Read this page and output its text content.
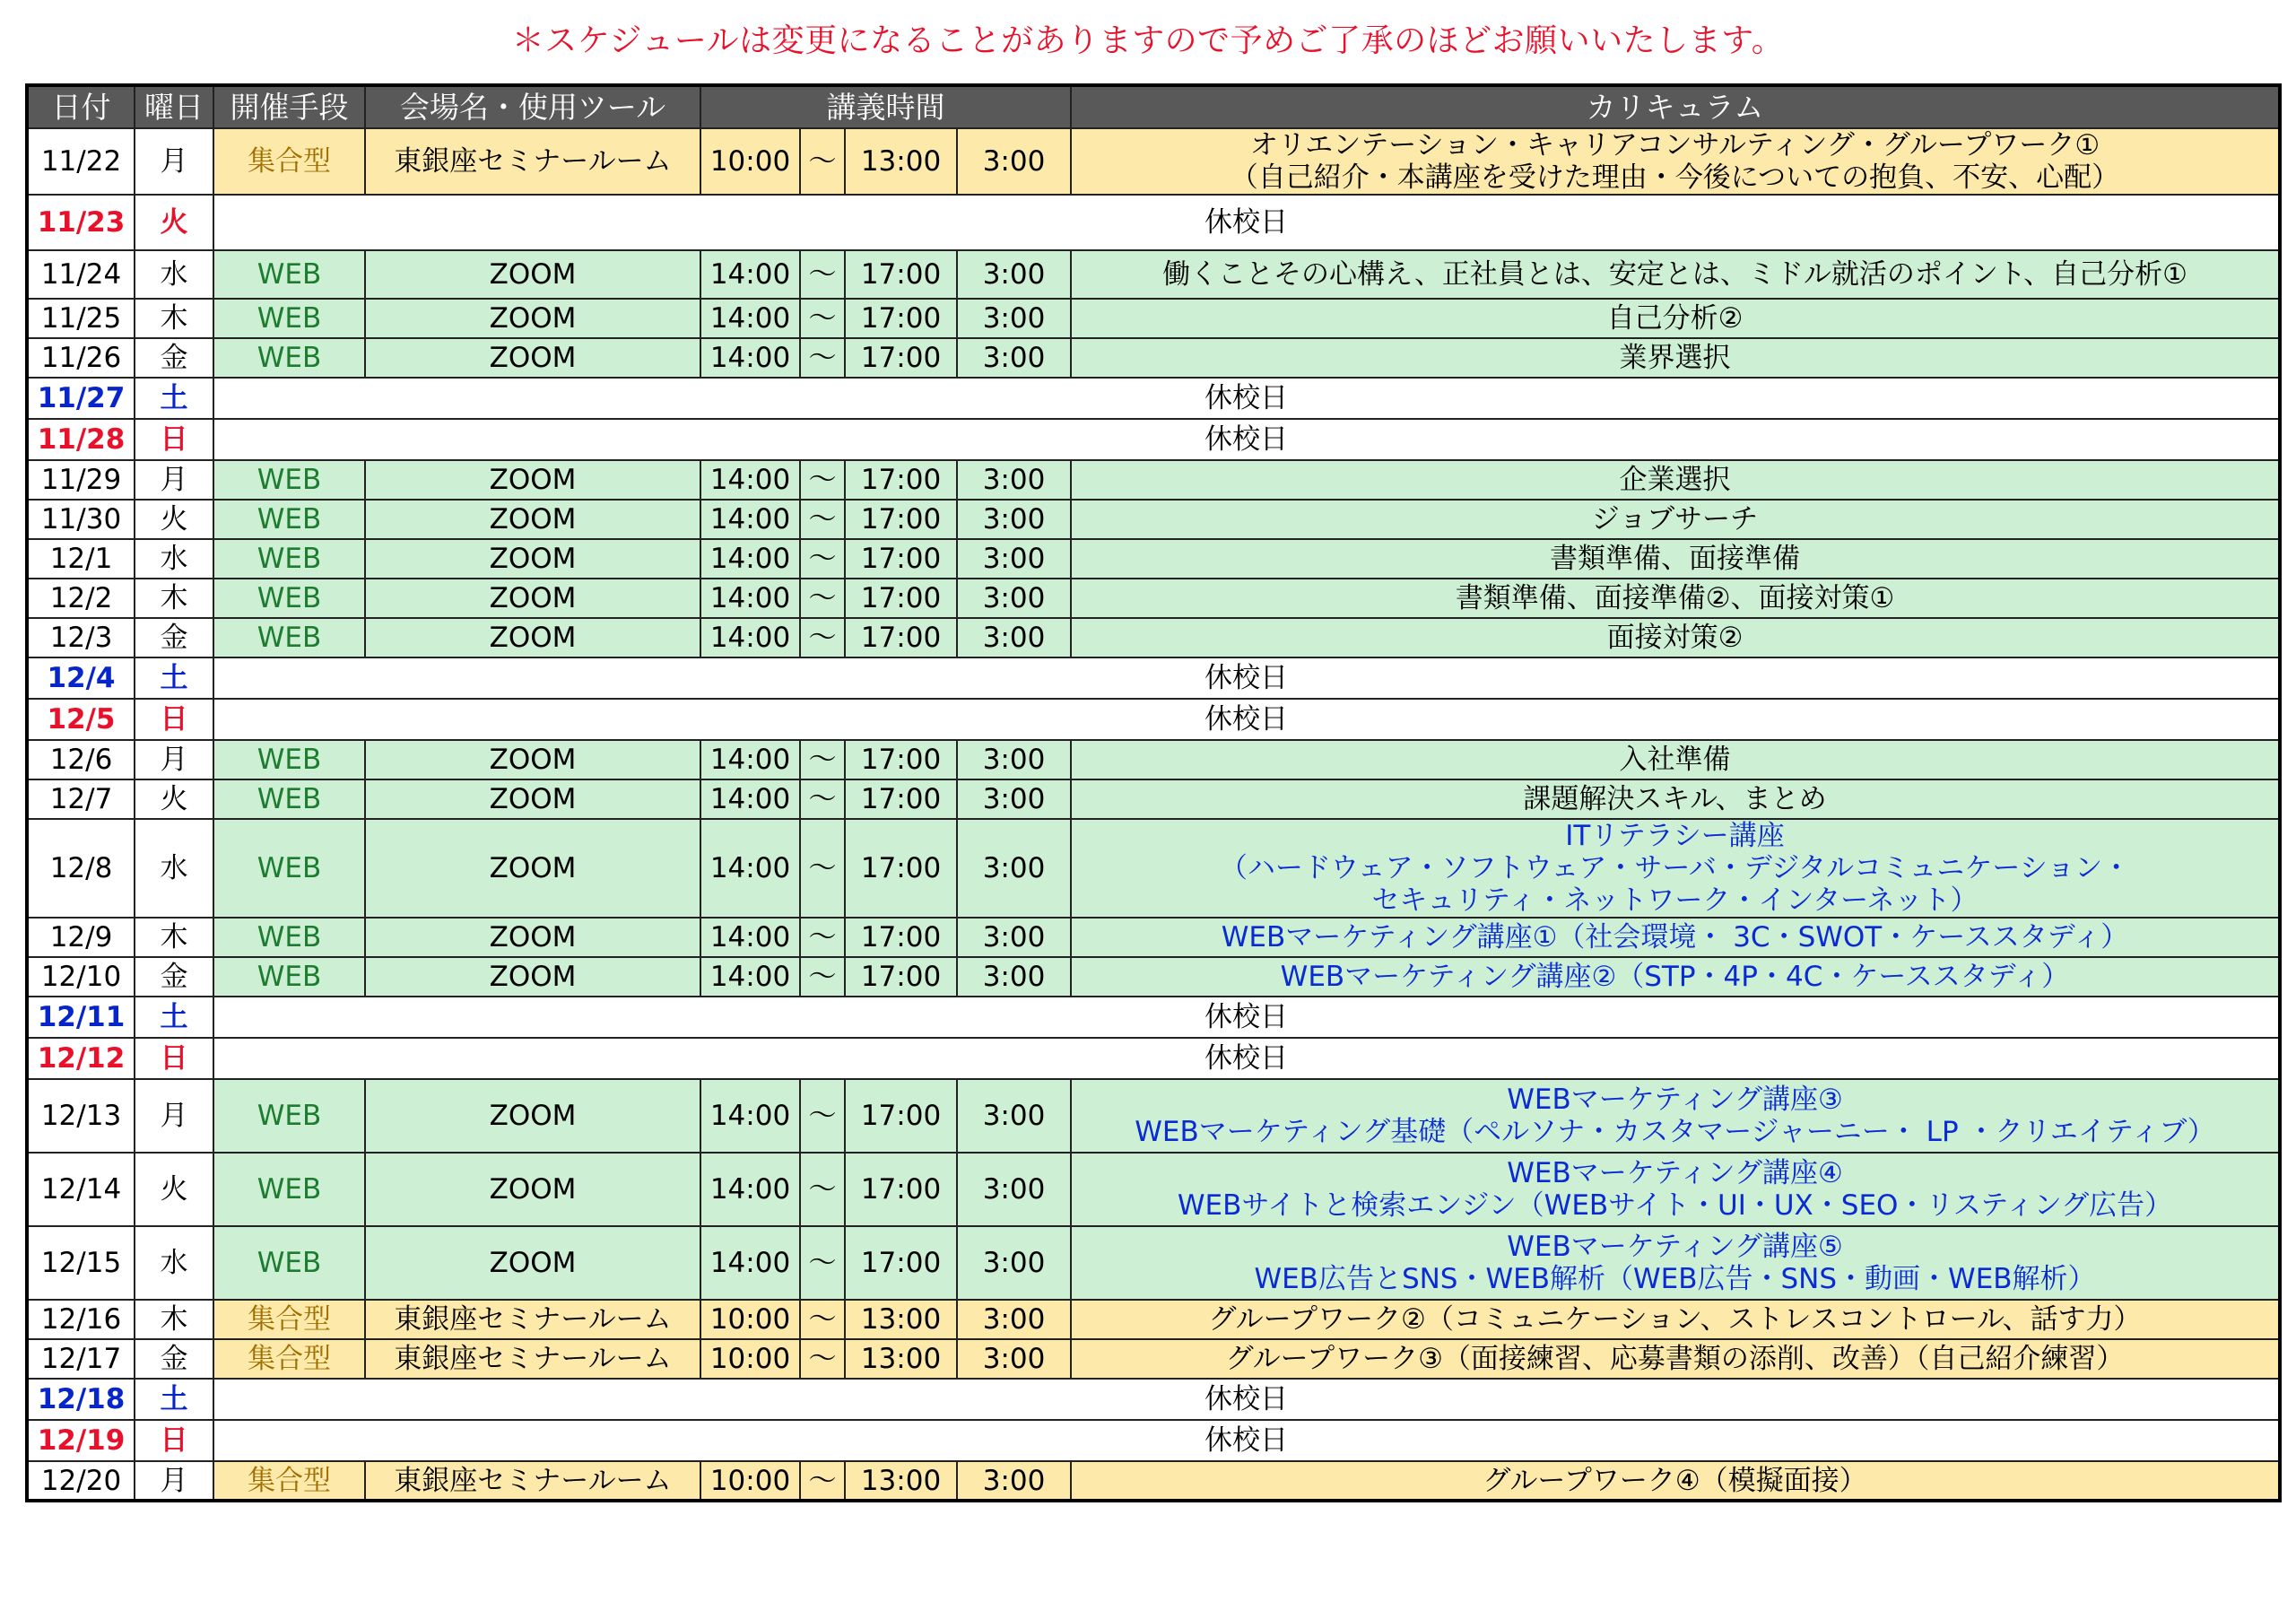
＊スケジュールは変更になることがありますので予めご了承のほどお願いいたします。
日付	曜日	開催手段	会場名・使用ツール	講義時間				カリキュラム
11/22	月	集合型	東銀座セミナールーム	10:00	～	13:00	3:00	オリエンテーション・キャリアコンサルティング・グループワーク①
（自己紹介・本講座を受けた理由・今後についての抱負、不安、心配）

11/23	火	休校日						
11/24	水	WEB	ZOOM	14:00	～	17:00	3:00	働くことその心構え、正社員とは、安定とは、ミドル就活のポイント、自己分析①

11/25	木	WEB	ZOOM	14:00	～	17:00	3:00	自己分析②

11/26	金	WEB	ZOOM	14:00	～	17:00	3:00	業界選択

11/27	土	休校日						
11/28	日	休校日						
11/29	月	WEB	ZOOM	14:00	～	17:00	3:00	企業選択

11/30	火	WEB	ZOOM	14:00	～	17:00	3:00	ジョブサーチ

12/1	水	WEB	ZOOM	14:00	～	17:00	3:00	書類準備、面接準備

12/2	木	WEB	ZOOM	14:00	～	17:00	3:00	書類準備、面接準備②、面接対策①

12/3	金	WEB	ZOOM	14:00	～	17:00	3:00	面接対策②

12/4	土	休校日						
12/5	日	休校日						
12/6	月	WEB	ZOOM	14:00	～	17:00	3:00	入社準備

12/7	火	WEB	ZOOM	14:00	～	17:00	3:00	課題解決スキル、まとめ

12/8	水	WEB	ZOOM	14:00	～	17:00	3:00	ITリテラシー講座
（ハードウェア・ソフトウェア・サーバ・デジタルコミュニケーション・
セキュリティ・ネットワーク・インターネット）

12/9	木	WEB	ZOOM	14:00	～	17:00	3:00	WEBマーケティング講座①（社会環境・ 3C・SWOT・ケーススタディ）

12/10	金	WEB	ZOOM	14:00	～	17:00	3:00	WEBマーケティング講座②（STP・4P・4C・ケーススタディ）

12/11	土	休校日						
12/12	日	休校日						
12/13	月	WEB	ZOOM	14:00	～	17:00	3:00	WEBマーケティング講座③
WEBマーケティング基礎（ペルソナ・カスタマージャーニー・ LP ・クリエイティブ）

12/14	火	WEB	ZOOM	14:00	～	17:00	3:00	WEBマーケティング講座④
WEBサイトと検索エンジン（WEBサイト・UI・UX・SEO・リスティング広告）

12/15	水	WEB	ZOOM	14:00	～	17:00	3:00	WEBマーケティング講座⑤
WEB広告とSNS・WEB解析（WEB広告・SNS・動画・WEB解析）

12/16	木	集合型	東銀座セミナールーム	10:00	～	13:00	3:00	グループワーク②（コミュニケーション、ストレスコントロール、話す力）

12/17	金	集合型	東銀座セミナールーム	10:00	～	13:00	3:00	グループワーク③（面接練習、応募書類の添削、改善）（自己紹介練習）

12/18	土	休校日						
12/19	日	休校日						
12/20	月	集合型	東銀座セミナールーム	10:00	～	13:00	3:00	グループワーク④（模擬面接）
